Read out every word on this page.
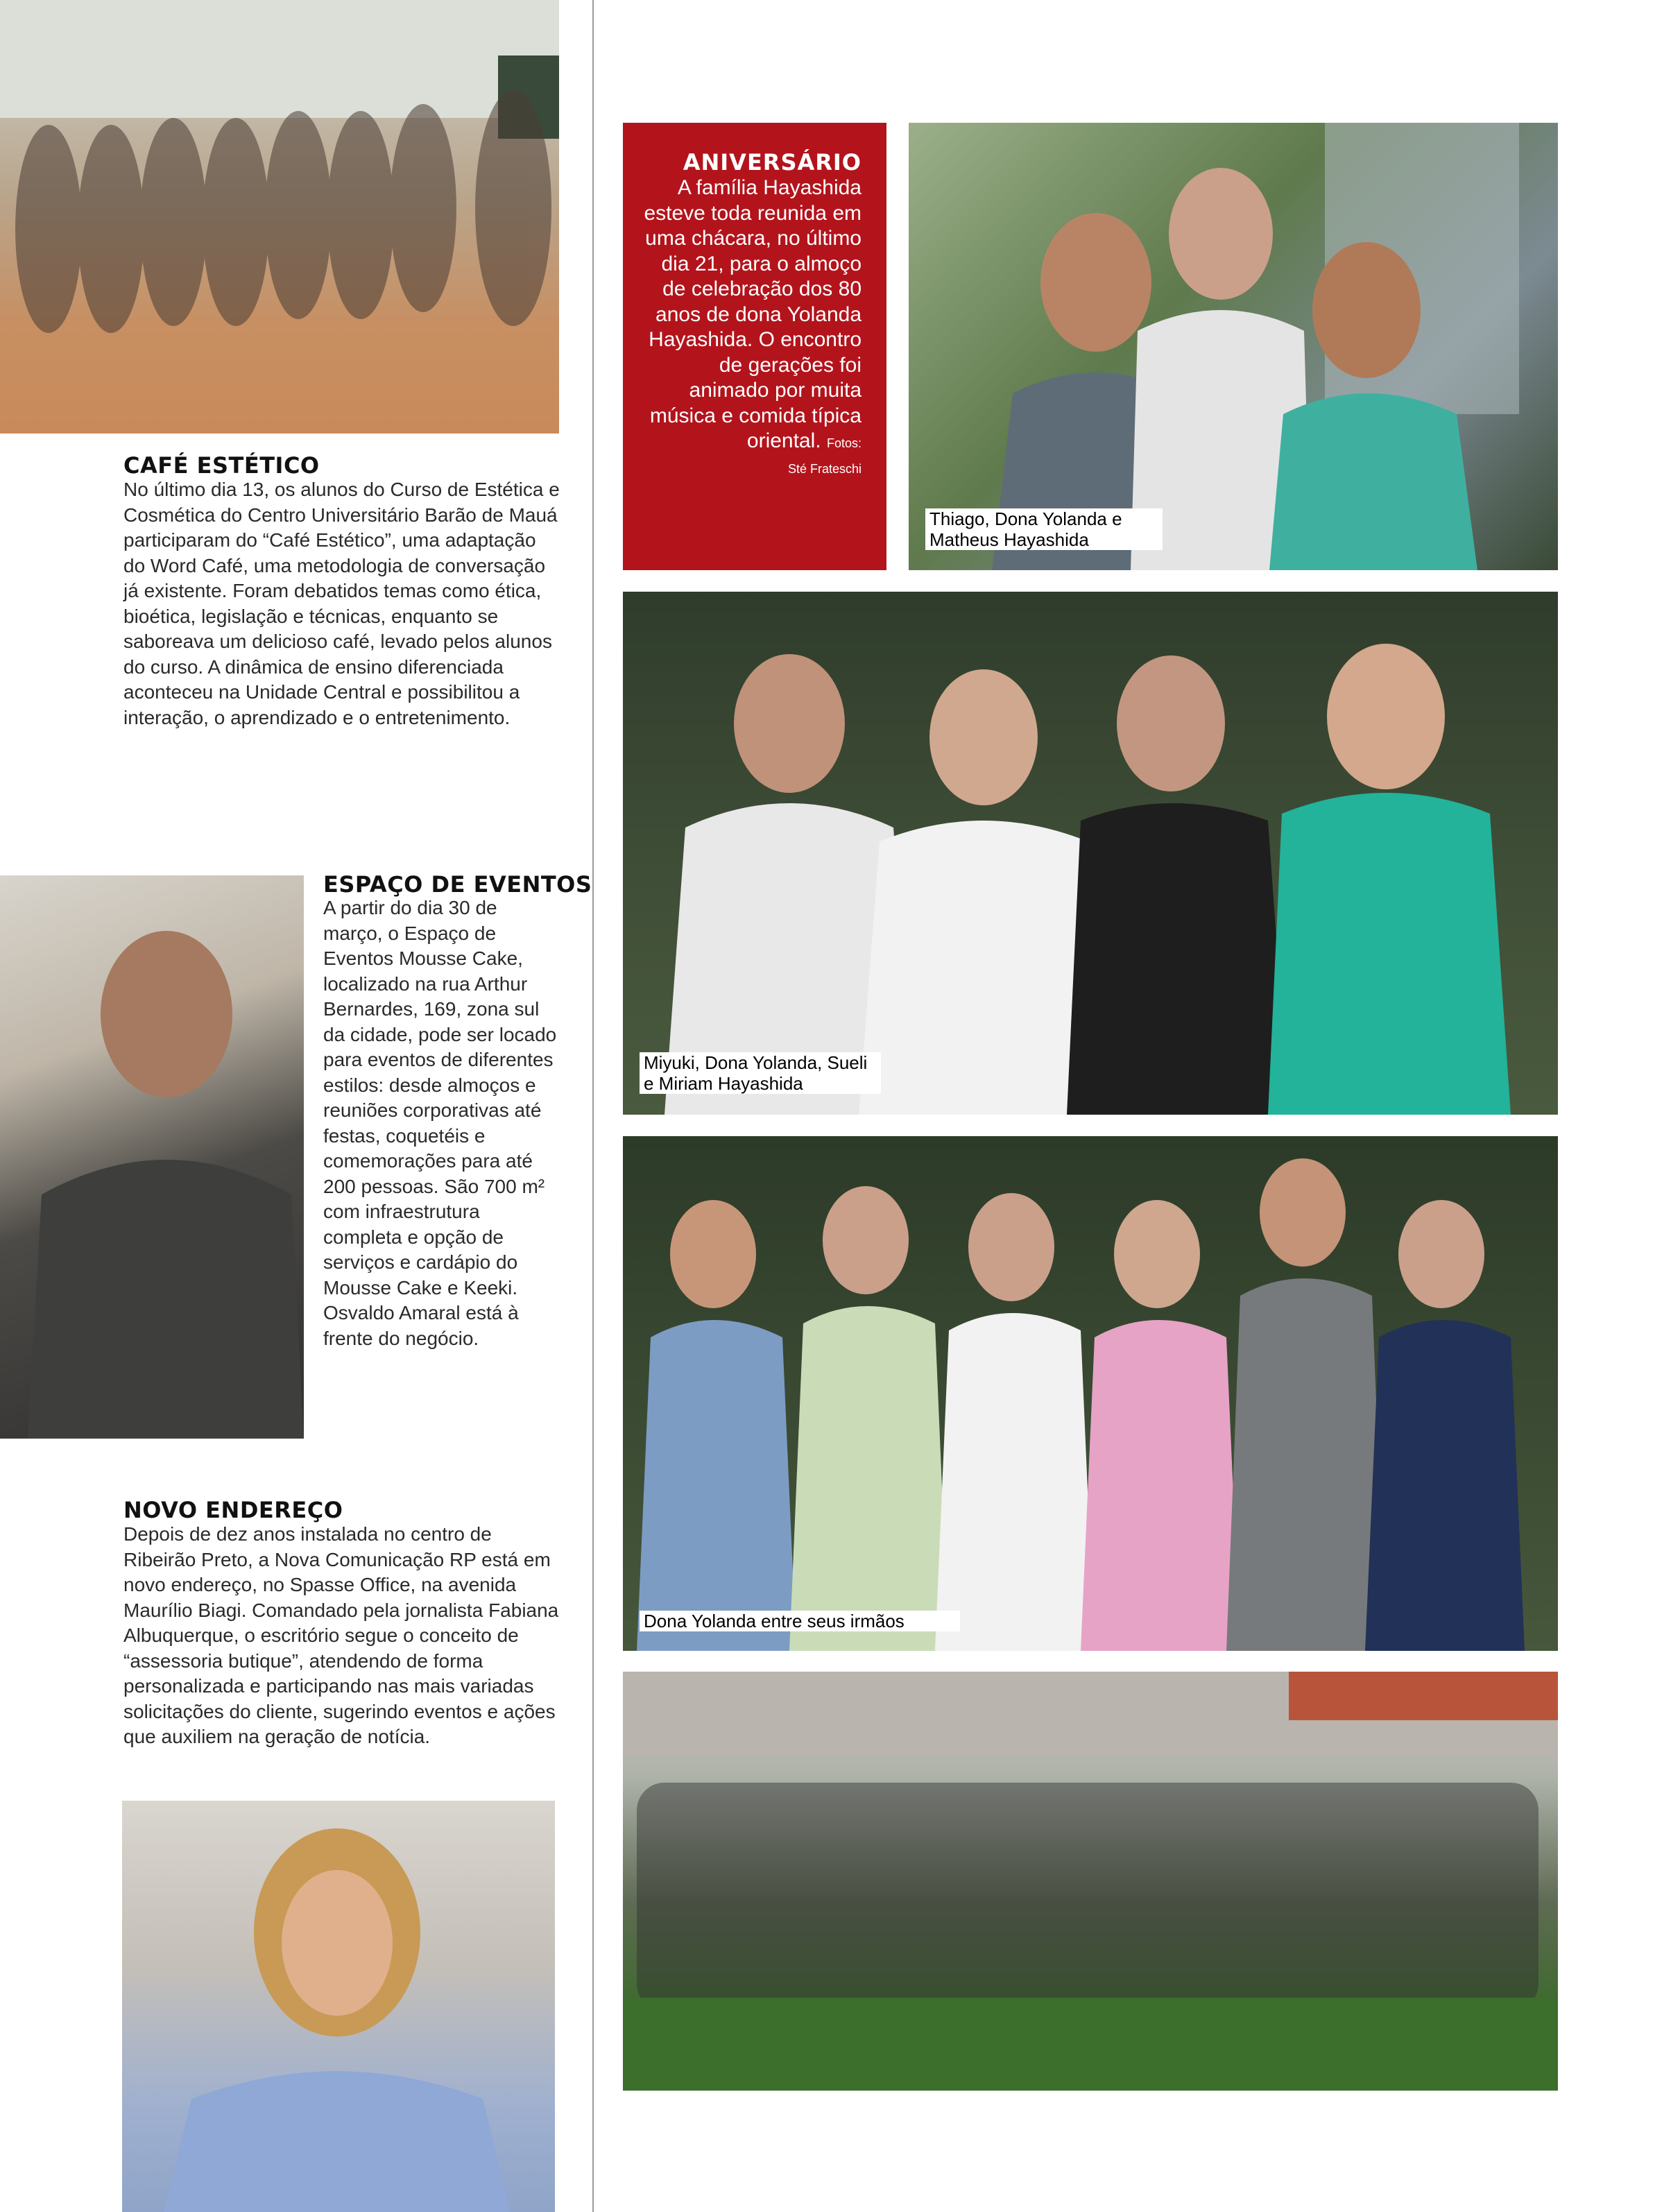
CAFÉ ESTÉTICO

No último dia 13, os alunos do Curso de Estética e Cosmética do Centro Universitário Barão de Mauá participaram do “Café Estético”, uma adaptação do Word Café, uma metodologia de conversação já existente. Foram debatidos temas como ética, bioética, legislação e técnicas, enquanto se saboreava um delicioso café, levado pelos alunos do curso. A dinâmica de ensino diferenciada aconteceu na Unidade Central e possibilitou a interação, o aprendizado e o entretenimento.

ESPAÇO DE EVENTOS

A partir do dia 30 de março, o Espaço de Eventos Mousse Cake, localizado na rua Arthur Bernardes, 169, zona sul da cidade, pode ser locado para eventos de diferentes estilos: desde almoços e reuniões corporativas até festas, coquetéis e comemorações para até 200 pessoas. São 700 m² com infraestrutura completa e opção de serviços e cardápio do Mousse Cake e Keeki. Osvaldo Amaral está à frente do negócio.

NOVO ENDEREÇO

Depois de dez anos instalada no centro de Ribeirão Preto, a Nova Comunicação RP está em novo endereço, no Spasse Office, na avenida Maurílio Biagi. Comandado pela jornalista Fabiana Albuquerque, o escritório segue o conceito de “assessoria butique”, atendendo de forma personalizada e participando nas mais variadas solicitações do cliente, sugerindo eventos e ações que auxiliem na geração de notícia.

ANIVERSÁRIO

A família Hayashida esteve toda reunida em uma chácara, no último dia 21, para o almoço de celebração dos 80 anos de dona Yolanda Hayashida. O encontro de gerações foi animado por muita música e comida típica oriental. Fotos:
Sté Frateschi

Thiago, Dona Yolanda e Matheus Hayashida
Miyuki, Dona Yolanda, Sueli e Miriam Hayashida
Dona Yolanda entre seus irmãos
